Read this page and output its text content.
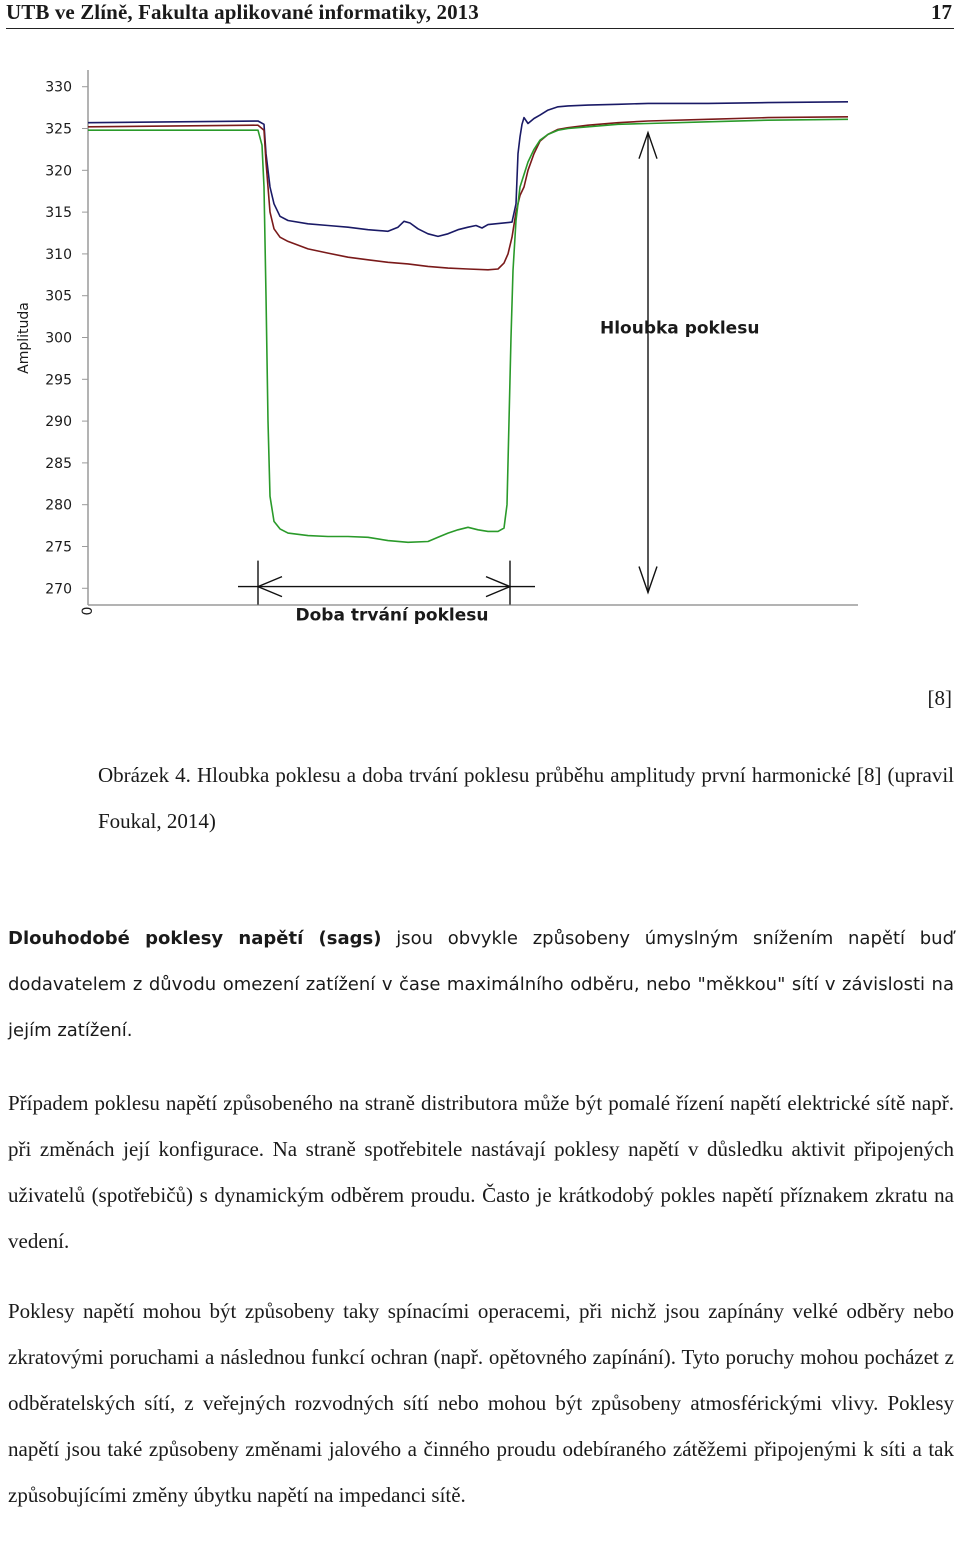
UTB ve Zlíně, Fakulta aplikované informatiky, 2013	17
330
325
320
315
310
305
300
295
290
285
280
275
270
0
Amplituda	Hloubka poklesu
Doba trvání poklesu
[8]
Obrázek 4. Hloubka poklesu a doba trvání poklesu průběhu amplitudy první harmonické [8] (upravil Foukal, 2014)
Dlouhodobé poklesy napětí (sags) jsou obvykle způsobeny úmyslným snížením napětí buď dodavatelem z důvodu omezení zatížení v čase maximálního odběru, nebo "měkkou" sítí v závislosti na jejím zatížení.
Případem poklesu napětí způsobeného na straně distributora může být pomalé řízení napětí elektrické sítě např. při změnách její konfigurace. Na straně spotřebitele nastávají poklesy napětí v důsledku aktivit připojených uživatelů (spotřebičů) s dynamickým odběrem proudu. Často je krátkodobý pokles napětí příznakem zkratu na vedení.
Poklesy napětí mohou být způsobeny taky spínacími operacemi, při nichž jsou zapínány velké odběry nebo zkratovými poruchami a následnou funkcí ochran (např. opětovného zapínání). Tyto poruchy mohou pocházet z odběratelských sítí, z veřejných rozvodných sítí nebo mohou být způsobeny atmosférickými vlivy. Poklesy napětí jsou také způsobeny změnami jalového a činného proudu odebíraného zátěžemi připojenými k síti a tak způsobujícími změny úbytku napětí na impedanci sítě.
